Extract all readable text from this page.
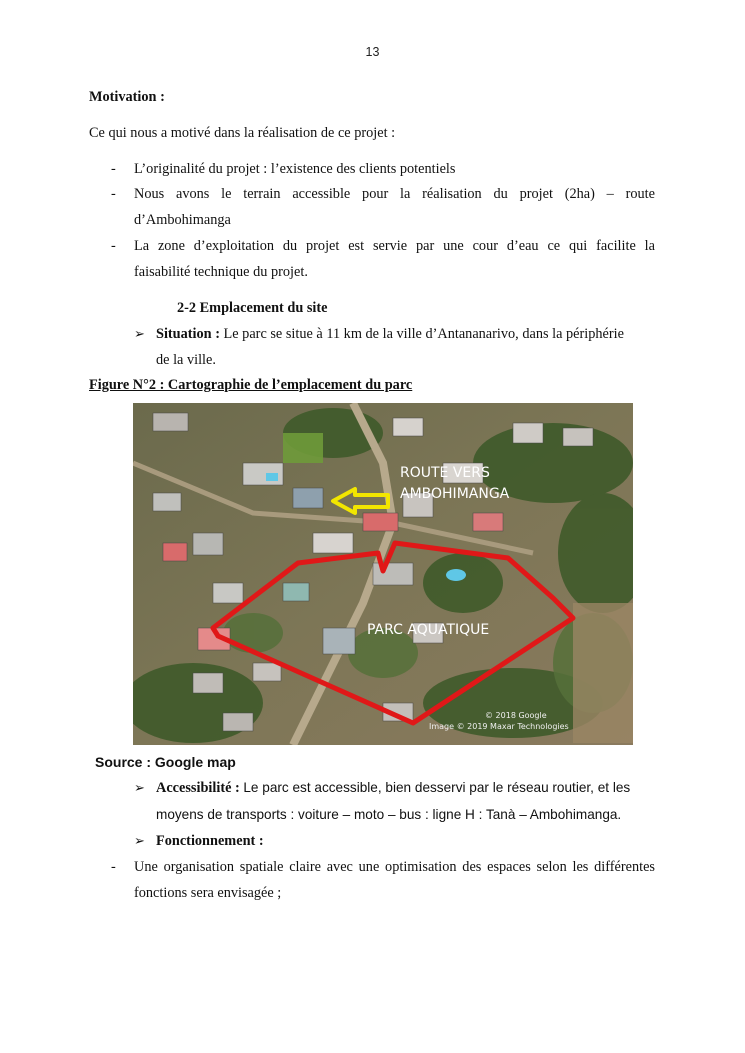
13
Motivation :
Ce qui nous a motivé dans la réalisation de ce projet :
- L’originalité du projet : l’existence des clients potentiels
- Nous avons le terrain accessible pour la réalisation du projet (2ha) – route
d’Ambohimanga
- La zone d’exploitation du projet est servie par une cour d’eau ce qui facilite la
faisabilité technique du projet.
2-2 Emplacement du site
➢ Situation : Le parc se situe à 11 km de la ville d’Antananarivo, dans la périphérie
de la ville.
Figure N°2 : Cartographie de l’emplacement du parc
ROUTE VERS
AMBOHIMANGA
PARC AQUATIQUE
© 2018 Google
Image © 2019 Maxar Technologies
Source : Google map
➢ Accessibilité : Le parc est accessible, bien desservi par le réseau routier, et les
moyens de transports : voiture – moto – bus : ligne H : Tanà – Ambohimanga.
➢ Fonctionnement :
- Une organisation spatiale claire avec une optimisation des espaces selon les différentes
fonctions sera envisagée ;
